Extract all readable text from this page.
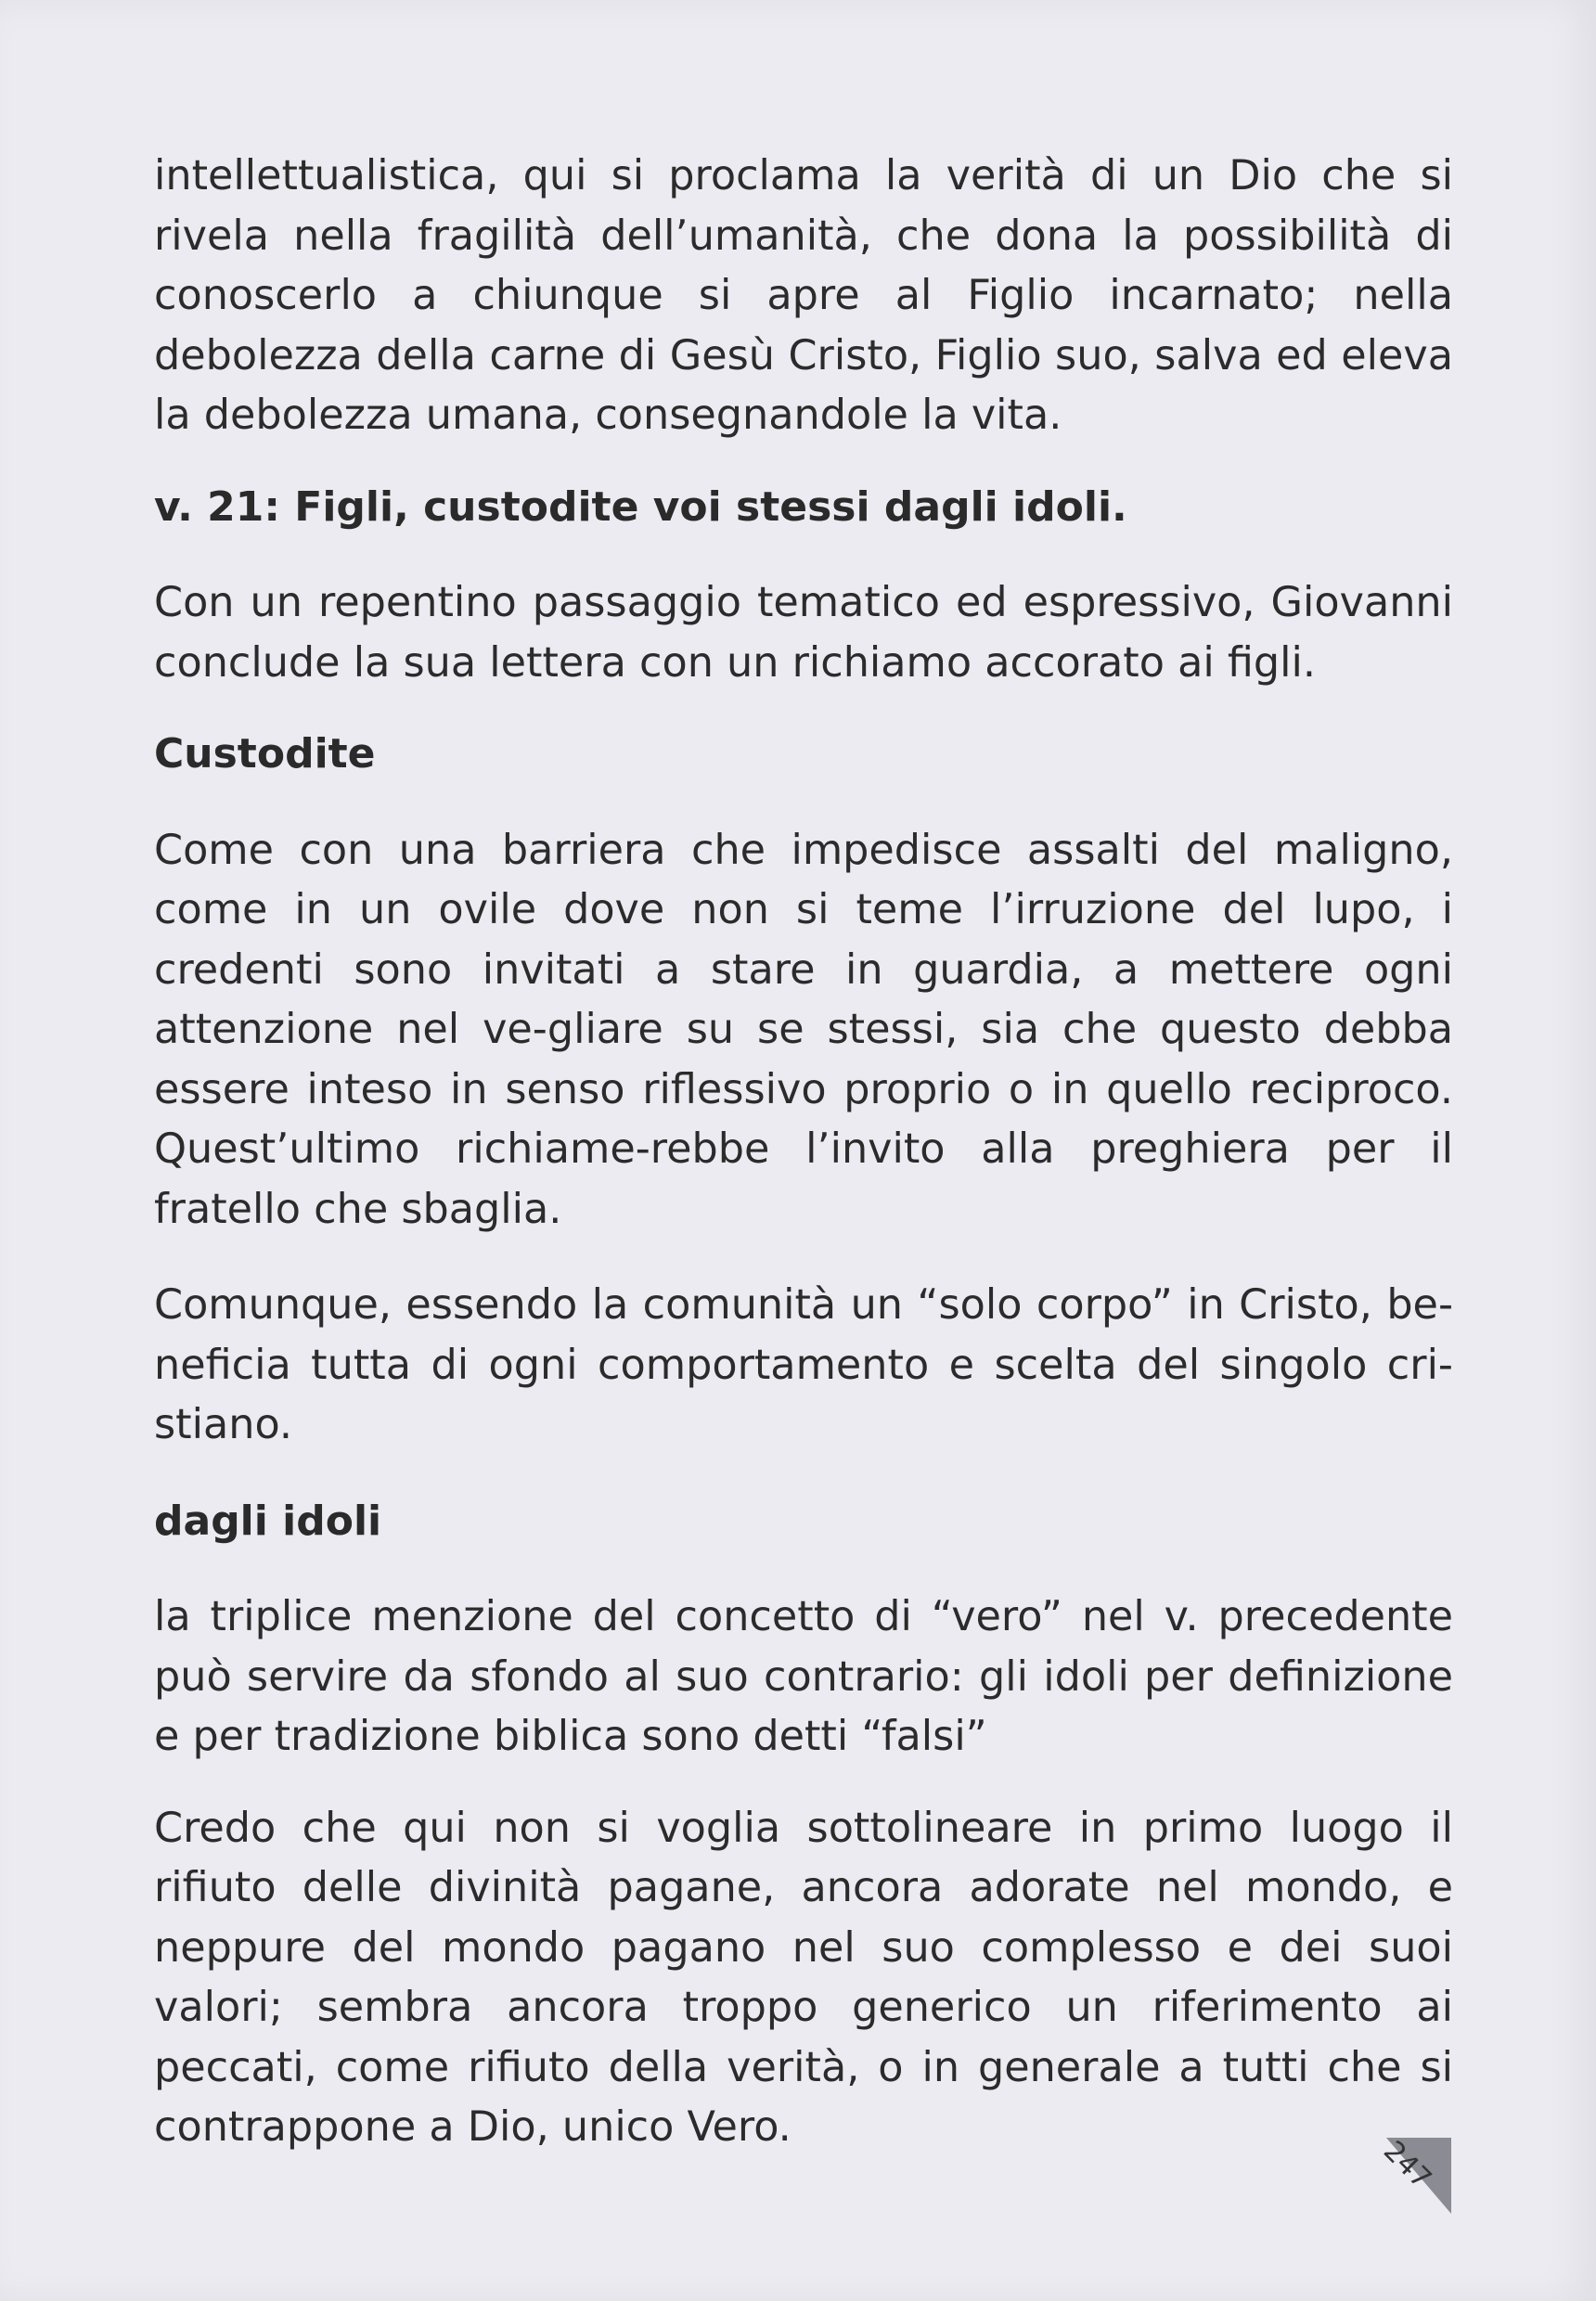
intellettualistica, qui si proclama la verità di un Dio che si rivela nella fragilità dell’umanità, che dona la possibilità di conoscerlo a chiunque si apre al Figlio incarnato; nella debolezza della carne di Gesù Cristo, Figlio suo, salva ed eleva la debolezza umana, consegnandole la vita.

v. 21: Figli, custodite voi stessi dagli idoli.

Con un repentino passaggio tematico ed espressivo, Giovanni conclude la sua lettera con un richiamo accorato ai figli.

Custodite

Come con una barriera che impedisce assalti del maligno, come in un ovile dove non si teme l’irruzione del lupo, i credenti sono invitati a stare in guardia, a mettere ogni attenzione nel ve-gliare su se stessi, sia che questo debba essere inteso in senso riflessivo proprio o in quello reciproco. Quest’ultimo richiame-rebbe l’invito alla preghiera per il fratello che sbaglia.

Comunque, essendo la comunità un “solo corpo” in Cristo, be-neficia tutta di ogni comportamento e scelta del singolo cri-stiano.

dagli idoli

la triplice menzione del concetto di “vero” nel v. precedente può servire da sfondo al suo contrario: gli idoli per definizione e per tradizione biblica sono detti “falsi”

Credo che qui non si voglia sottolineare in primo luogo il rifiuto delle divinità pagane, ancora adorate nel mondo, e neppure del mondo pagano nel suo complesso e dei suoi valori; sembra ancora troppo generico un riferimento ai peccati, come rifiuto della verità, o in generale a tutti che si contrappone a Dio, unico Vero.

247
